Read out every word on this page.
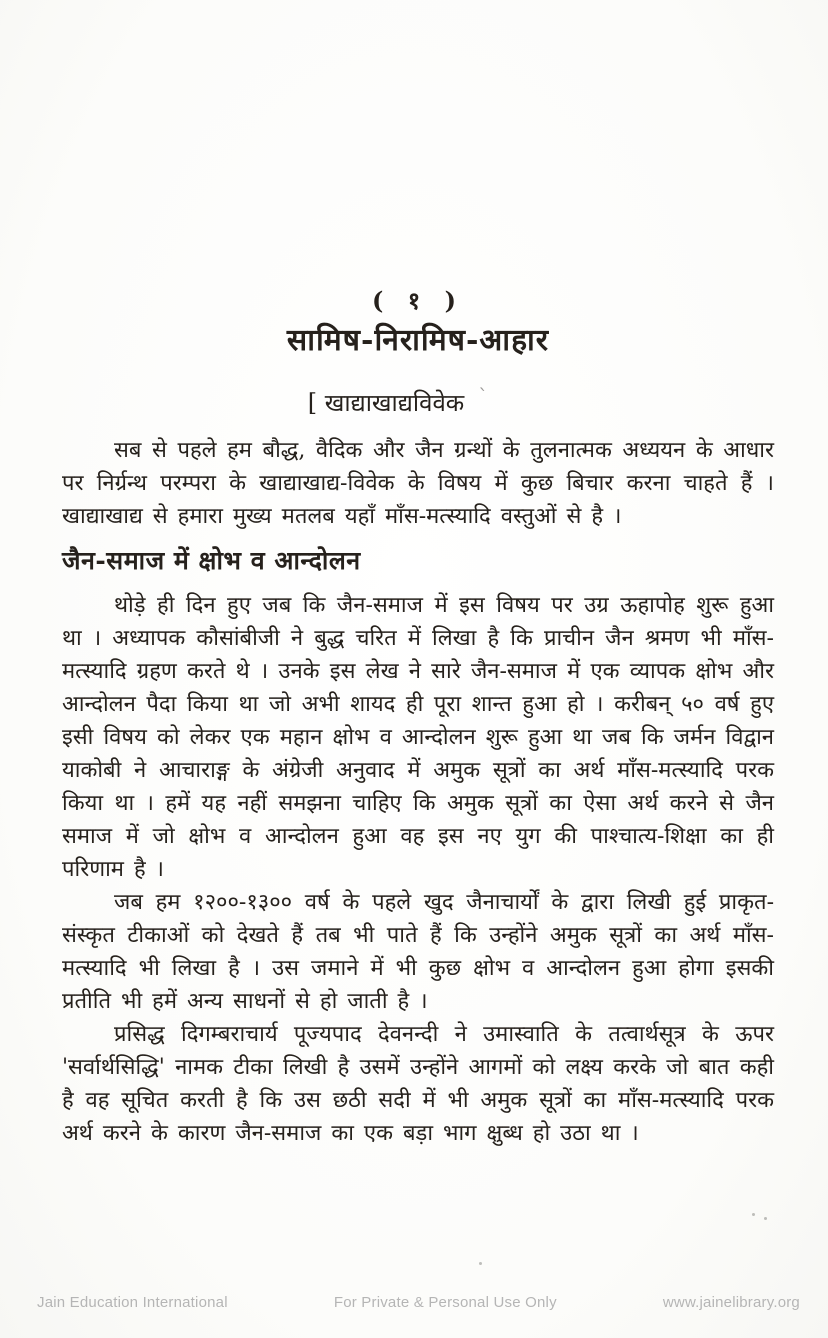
( १ )
सामिष-निरामिष-आहार
[ खाद्याखाद्यविवेक $^ˋ$

सब से पहले हम बौद्ध, वैदिक और जैन ग्रन्थों के तुलनात्मक अध्ययन के आधार पर निर्ग्रन्थ परम्परा के खाद्याखाद्य-विवेक के विषय में कुछ बिचार करना चाहते हैं । खाद्याखाद्य से हमारा मुख्य मतलब यहाँ माँस-मत्स्यादि वस्तुओं से है ।

जैन-समाज में क्षोभ व आन्दोलन

थोड़े ही दिन हुए जब कि जैन-समाज में इस विषय पर उग्र ऊहापोह शुरू हुआ था । अध्यापक कौसांबीजी ने बुद्ध चरित में लिखा है कि प्राचीन जैन श्रमण भी माँस-मत्स्यादि ग्रहण करते थे । उनके इस लेख ने सारे जैन-समाज में एक व्यापक क्षोभ और आन्दोलन पैदा किया था जो अभी शायद ही पूरा शान्त हुआ हो । करीबन् ५० वर्ष हुए इसी विषय को लेकर एक महान क्षोभ व आन्दोलन शुरू हुआ था जब कि जर्मन विद्वान याकोबी ने आचाराङ्ग के अंग्रेजी अनुवाद में अमुक सूत्रों का अर्थ माँस-मत्स्यादि परक किया था । हमें यह नहीं समझना चाहिए कि अमुक सूत्रों का ऐसा अर्थ करने से जैन समाज में जो क्षोभ व आन्दोलन हुआ वह इस नए युग की पाश्चात्य-शिक्षा का ही परिणाम है ।

जब हम १२००-१३०० वर्ष के पहले खुद जैनाचार्यों के द्वारा लिखी हुई प्राकृत-संस्कृत टीकाओं को देखते हैं तब भी पाते हैं कि उन्होंने अमुक सूत्रों का अर्थ माँस-मत्स्यादि भी लिखा है । उस जमाने में भी कुछ क्षोभ व आन्दोलन हुआ होगा इसकी प्रतीति भी हमें अन्य साधनों से हो जाती है ।

प्रसिद्ध दिगम्बराचार्य पूज्यपाद देवनन्दी ने उमास्वाति के तत्वार्थसूत्र के ऊपर 'सर्वार्थसिद्धि' नामक टीका लिखी है उसमें उन्होंने आगमों को लक्ष्य करके जो बात कही है वह सूचित करती है कि उस छठी सदी में भी अमुक सूत्रों का माँस-मत्स्यादि परक अर्थ करने के कारण जैन-समाज का एक बड़ा भाग क्षुब्ध हो उठा था ।

Jain Education International	For Private & Personal Use Only	www.jainelibrary.org
